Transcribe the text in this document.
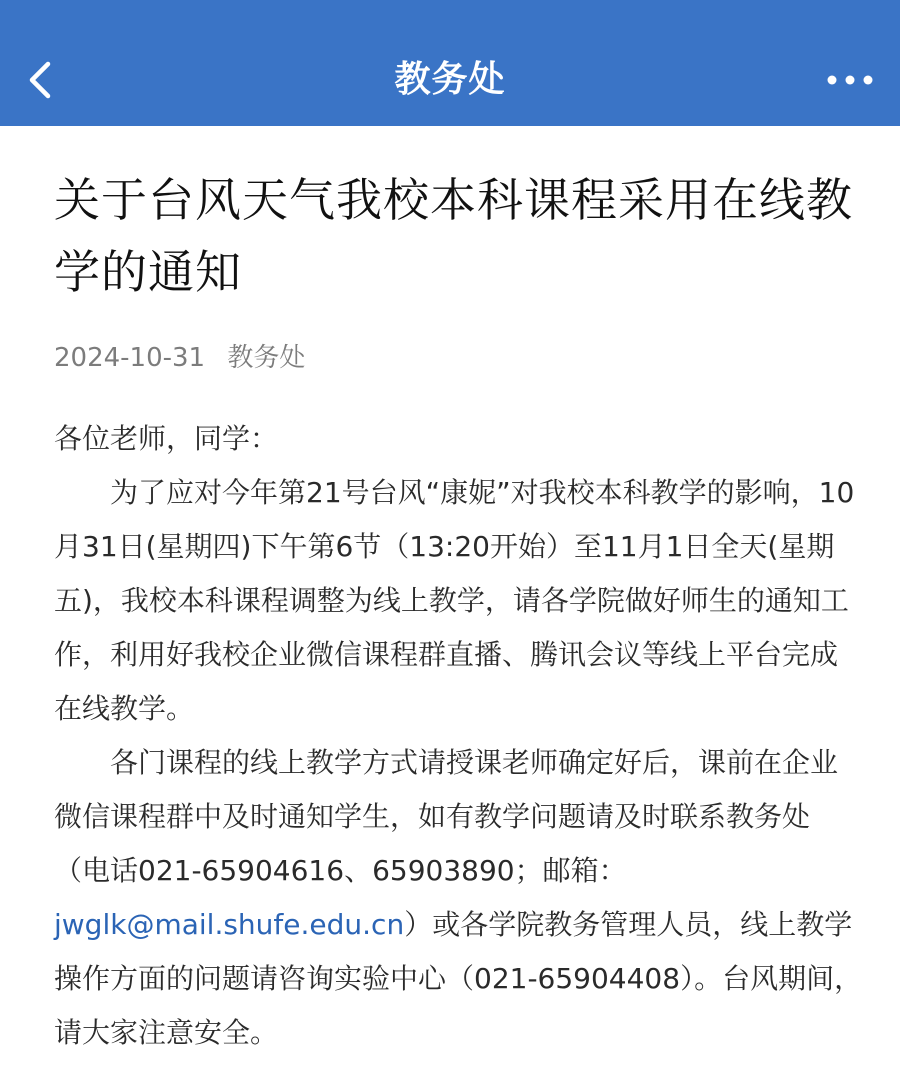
教务处
关于台风天气我校本科课程采用在线教学的通知
2024-10-31 教务处

各位老师，同学：

为了应对今年第21号台风“康妮”对我校本科教学的影响，10月31日(星期四)下午第6节（13:20开始）至11月1日全天(星期五)，我校本科课程调整为线上教学，请各学院做好师生的通知工作，利用好我校企业微信课程群直播、腾讯会议等线上平台完成在线教学。

各门课程的线上教学方式请授课老师确定好后，课前在企业微信课程群中及时通知学生，如有教学问题请及时联系教务处（电话021-65904616、65903890；邮箱：jwglk@mail.shufe.edu.cn）或各学院教务管理人员，线上教学操作方面的问题请咨询实验中心（021-65904408）。台风期间，请大家注意安全。
